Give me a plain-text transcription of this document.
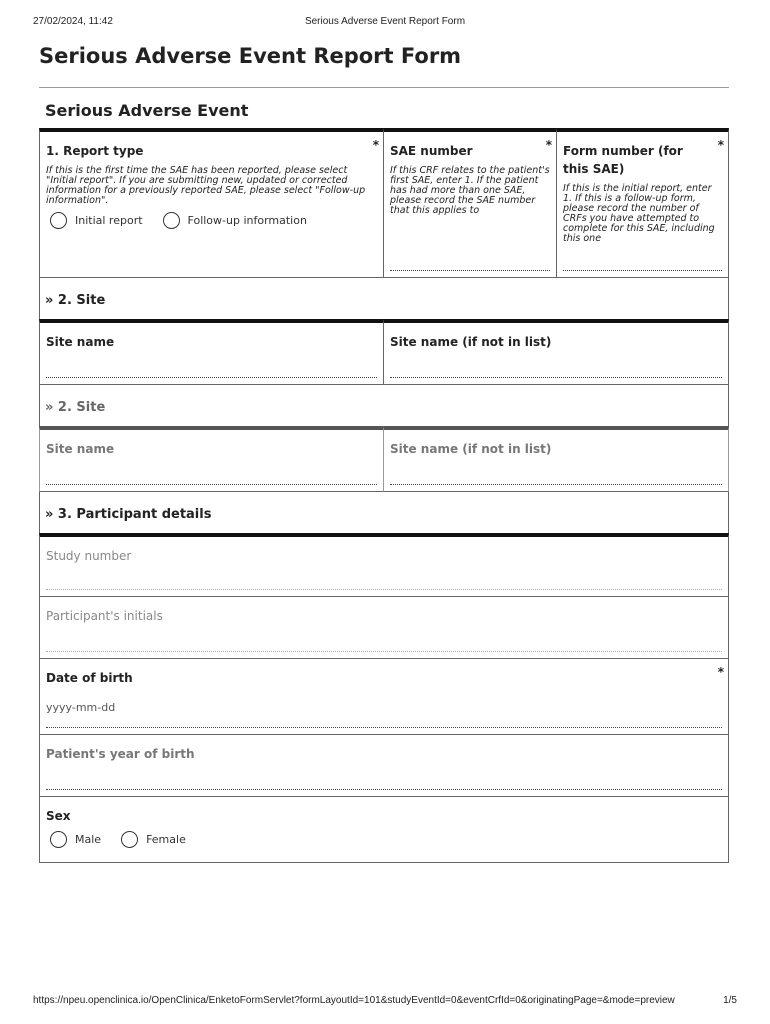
27/02/2024, 11:42	Serious Adverse Event Report Form
Serious Adverse Event Report Form
Serious Adverse Event
1. Report type	*
If this is the first time the SAE has been reported, please select "Initial report". If you are submitting new, updated or corrected information for a previously reported SAE, please select "Follow-up information".
Initial report	Follow-up information
SAE number	*
If this CRF relates to the patient's first SAE, enter 1. If the patient has had more than one SAE, please record the SAE number that this applies to
Form number (for this SAE)
*
If this is the initial report, enter 1. If this is a follow-up form, please record the number of CRFs you have attempted to complete for this SAE, including this one
» 2. Site
Site name	Site name (if not in list)
» 2. Site
Site name	Site name (if not in list)
» 3. Participant details
Study number
Participant's initials
Date of birth	*
yyyy-mm-dd
Patient's year of birth
Sex
Male	Female
https://npeu.openclinica.io/OpenClinica/EnketoFormServlet?formLayoutId=101&studyEventId=0&eventCrfId=0&originatingPage=&mode=preview	1/5
